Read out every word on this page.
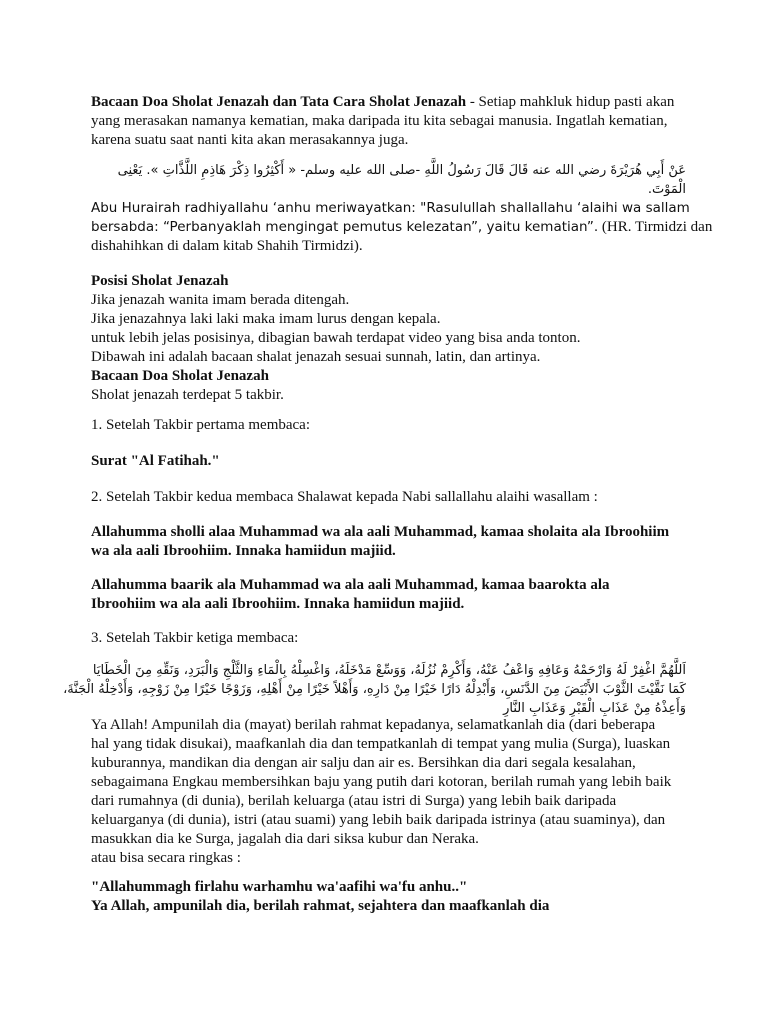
Bacaan Doa Sholat Jenazah dan Tata Cara Sholat Jenazah - Setiap mahkluk hidup pasti akan
yang merasakan namanya kematian, maka daripada itu kita sebagai manusia. Ingatlah kematian,
karena suatu saat nanti kita akan merasakannya juga.

عَنْ أَبِي هُرَيْرَةَ رضي الله عنه قَالَ قَالَ رَسُولُ اللَّهِ -صلى الله عليه وسلم- « أَكْثِرُوا ذِكْرَ هَاذِمِ اللَّذَّاتِ ». يَعْنِى الْمَوْتَ.

Abu Hurairah radhiyallahu ‘anhu meriwayatkan: "Rasulullah shallallahu ‘alaihi wa sallam
bersabda: “Perbanyaklah mengingat pemutus kelezatan”, yaitu kematian”. (HR. Tirmidzi dan
dishahihkan di dalam kitab Shahih Tirmidzi).

Posisi Sholat Jenazah
Jika jenazah wanita imam berada ditengah.
Jika jenazahnya laki laki maka imam lurus dengan kepala.
untuk lebih jelas posisinya, dibagian bawah terdapat video yang bisa anda tonton.
Dibawah ini adalah bacaan shalat jenazah sesuai sunnah, latin, dan artinya.
Bacaan Doa Sholat Jenazah
Sholat jenazah terdepat 5 takbir.

1. Setelah Takbir pertama membaca:

Surat "Al Fatihah."

2. Setelah Takbir kedua membaca Shalawat kepada Nabi sallallahu alaihi wasallam :

Allahumma sholli alaa Muhammad wa ala aali Muhammad, kamaa sholaita ala Ibroohiim
wa ala aali Ibroohiim. Innaka hamiidun majiid.

Allahumma baarik ala Muhammad wa ala aali Muhammad, kamaa baarokta ala
Ibroohiim wa ala aali Ibroohiim. Innaka hamiidun majiid.

3. Setelah Takbir ketiga membaca:

اَللَّهُمَّ اغْفِرْ لَهُ وَارْحَمْهُ وَعَافِهِ وَاعْفُ عَنْهُ، وَأَكْرِمْ نُزُلَهُ، وَوَسِّعْ مَدْخَلَهُ، وَاغْسِلْهُ بِالْمَاءِ وَالثَّلْجِ وَالْبَرَدِ، وَنَقِّهِ مِنَ الْخَطَايَا
كَمَا نَقَّيْتَ الثَّوْبَ الأَبْيَضَ مِنَ الدَّنَسِ، وَأَبْدِلْهُ دَارًا خَيْرًا مِنْ دَارِهِ، وَأَهْلاً خَيْرًا مِنْ أَهْلِهِ، وَزَوْجًا خَيْرًا مِنْ زَوْجِهِ، وَأَدْخِلْهُ الْجَنَّةَ،
وَأَعِذْهُ مِنْ عَذَابِ الْقَبْرِ وَعَذَابِ النَّارِ

Ya Allah! Ampunilah dia (mayat) berilah rahmat kepadanya, selamatkanlah dia (dari beberapa
hal yang tidak disukai), maafkanlah dia dan tempatkanlah di tempat yang mulia (Surga), luaskan
kuburannya, mandikan dia dengan air salju dan air es. Bersihkan dia dari segala kesalahan,
sebagaimana Engkau membersihkan baju yang putih dari kotoran, berilah rumah yang lebih baik
dari rumahnya (di dunia), berilah keluarga (atau istri di Surga) yang lebih baik daripada
keluarganya (di dunia), istri (atau suami) yang lebih baik daripada istrinya (atau suaminya), dan
masukkan dia ke Surga, jagalah dia dari siksa kubur dan Neraka.
atau bisa secara ringkas :

"Allahummagh firlahu warhamhu wa'aafihi wa'fu anhu.."
Ya Allah, ampunilah dia, berilah rahmat, sejahtera dan maafkanlah dia
